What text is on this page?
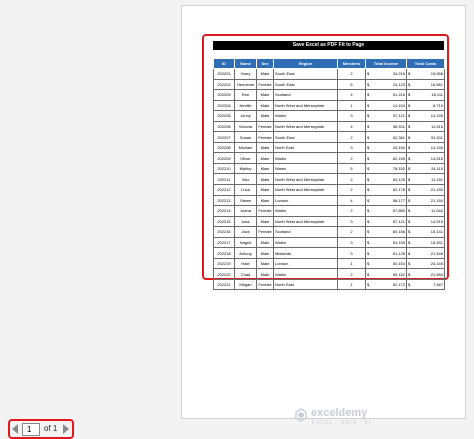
Save Excel as PDF Fit to Page
ID	Name	Sex	Region	Members	Total Income	Total Costs
202201	Harry	Male	South East	2	$ 34,216	$ 15,556

202202	Hermione	Female	South East	6	$ 24,123	$ 16,561

202203	Ron	Male	Scotland	4	$ 51,216	$ 18,111

202204	Neville	Male	North West and Merseyside	1	$ 14,154	$ 8,715

202205	Jonny	Male	Wales	3	$ 37,121	$ 14,155

202206	Victoria	Female	North West and Merseyside	4	$ 58,511	$ 11,515

202207	Susan	Female	South East	2	$ 62,361	$ 51,511

202208	Michael	Male	North East	3	$ 24,150	$ 14,150

202209	Oliver	Male	Wales	2	$ 62,155	$ 14,515

202210	Melfoy	Male	Wales	5	$ 78,152	$ 24,115

202211	Viko	Male	North West and Merseyside	2	$ 54,125	$ 11,151

202212	Luca	Male	North West and Merseyside	2	$ 52,178	$ 21,150

202213	Stewe	Male	London	4	$ 58,177	$ 21,150

202214	Joana	Female	Wales	2	$ 57,850	$ 11,542

202215	Jack	Male	North West and Merseyside	3	$ 87,121	$ 14,519

202216	Jack	Female	Scotland	2	$ 60,156	$ 15,141

202217	Hagrid	Male	Wales	3	$ 54,155	$ 19,451

202218	Antony	Male	Midlands	3	$ 51,126	$ 21,546

202219	Hale	Male	London	1	$ 50,154	$ 24,155

202220	Chad	Male	Wales	2	$ 55,152	$ 21,554

202221	Megan	Female	North East	1	$ 52,173	$ 7,467
exceldemy
EXCEL · DATA · BI
1
of 1
